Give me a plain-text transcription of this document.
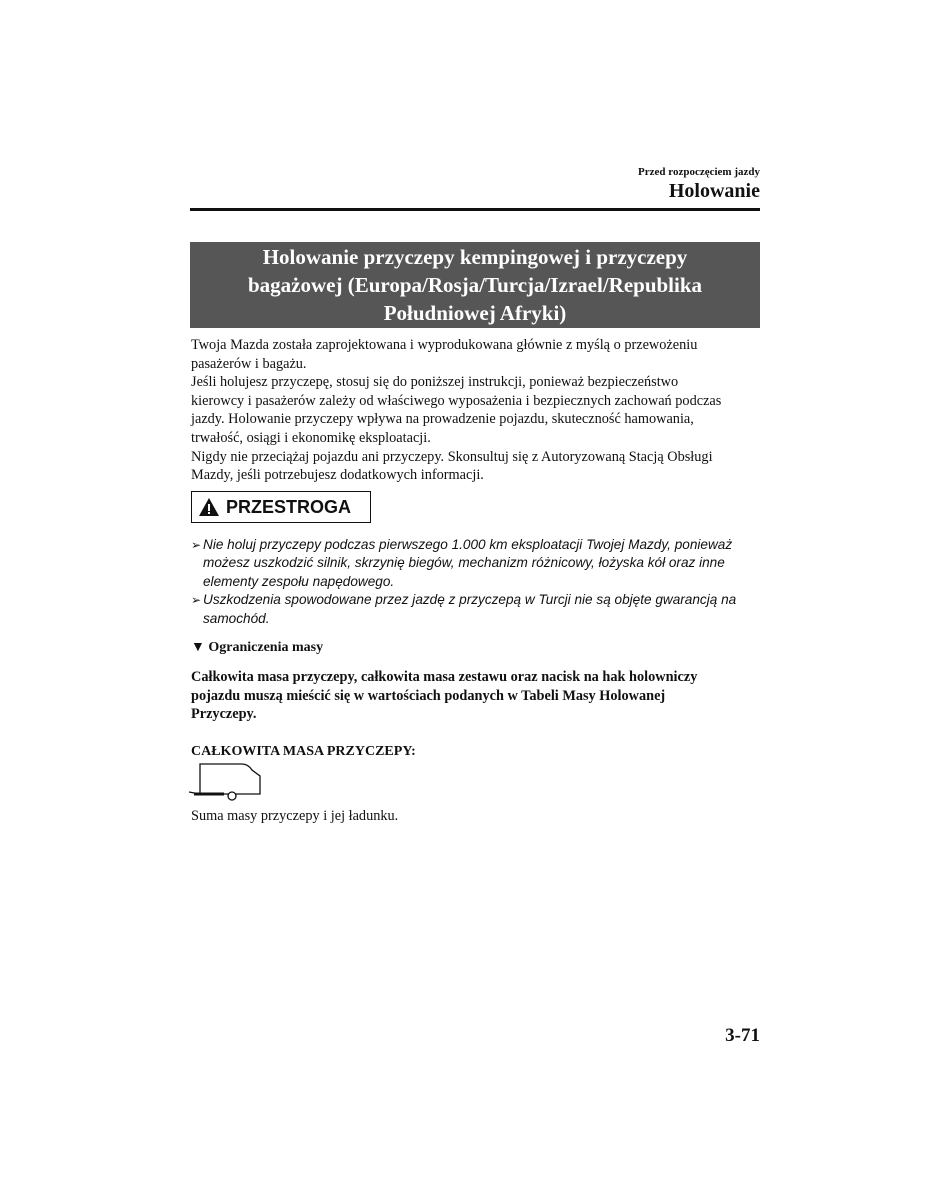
Przed rozpoczęciem jazdy
Holowanie
Holowanie przyczepy kempingowej i przyczepy
bagażowej (Europa/Rosja/Turcja/Izrael/Republika
Południowej Afryki)
Twoja Mazda została zaprojektowana i wyprodukowana głównie z myślą o przewożeniu
pasażerów i bagażu.
Jeśli holujesz przyczepę, stosuj się do poniższej instrukcji, ponieważ bezpieczeństwo
kierowcy i pasażerów zależy od właściwego wyposażenia i bezpiecznych zachowań podczas
jazdy. Holowanie przyczepy wpływa na prowadzenie pojazdu, skuteczność hamowania,
trwałość, osiągi i ekonomikę eksploatacji.
Nigdy nie przeciążaj pojazdu ani przyczepy. Skonsultuj się z Autoryzowaną Stacją Obsługi
Mazdy, jeśli potrzebujesz dodatkowych informacji.
PRZESTROGA
➢ Nie holuj przyczepy podczas pierwszego 1.000 km eksploatacji Twojej Mazdy, ponieważ
możesz uszkodzić silnik, skrzynię biegów, mechanizm różnicowy, łożyska kół oraz inne
elementy zespołu napędowego.
➢ Uszkodzenia spowodowane przez jazdę z przyczepą w Turcji nie są objęte gwarancją na
samochód.
▼ Ograniczenia masy
Całkowita masa przyczepy, całkowita masa zestawu oraz nacisk na hak holowniczy
pojazdu muszą mieścić się w wartościach podanych w Tabeli Masy Holowanej
Przyczepy.
CAŁKOWITA MASA PRZYCZEPY:
Suma masy przyczepy i jej ładunku.
3-71
